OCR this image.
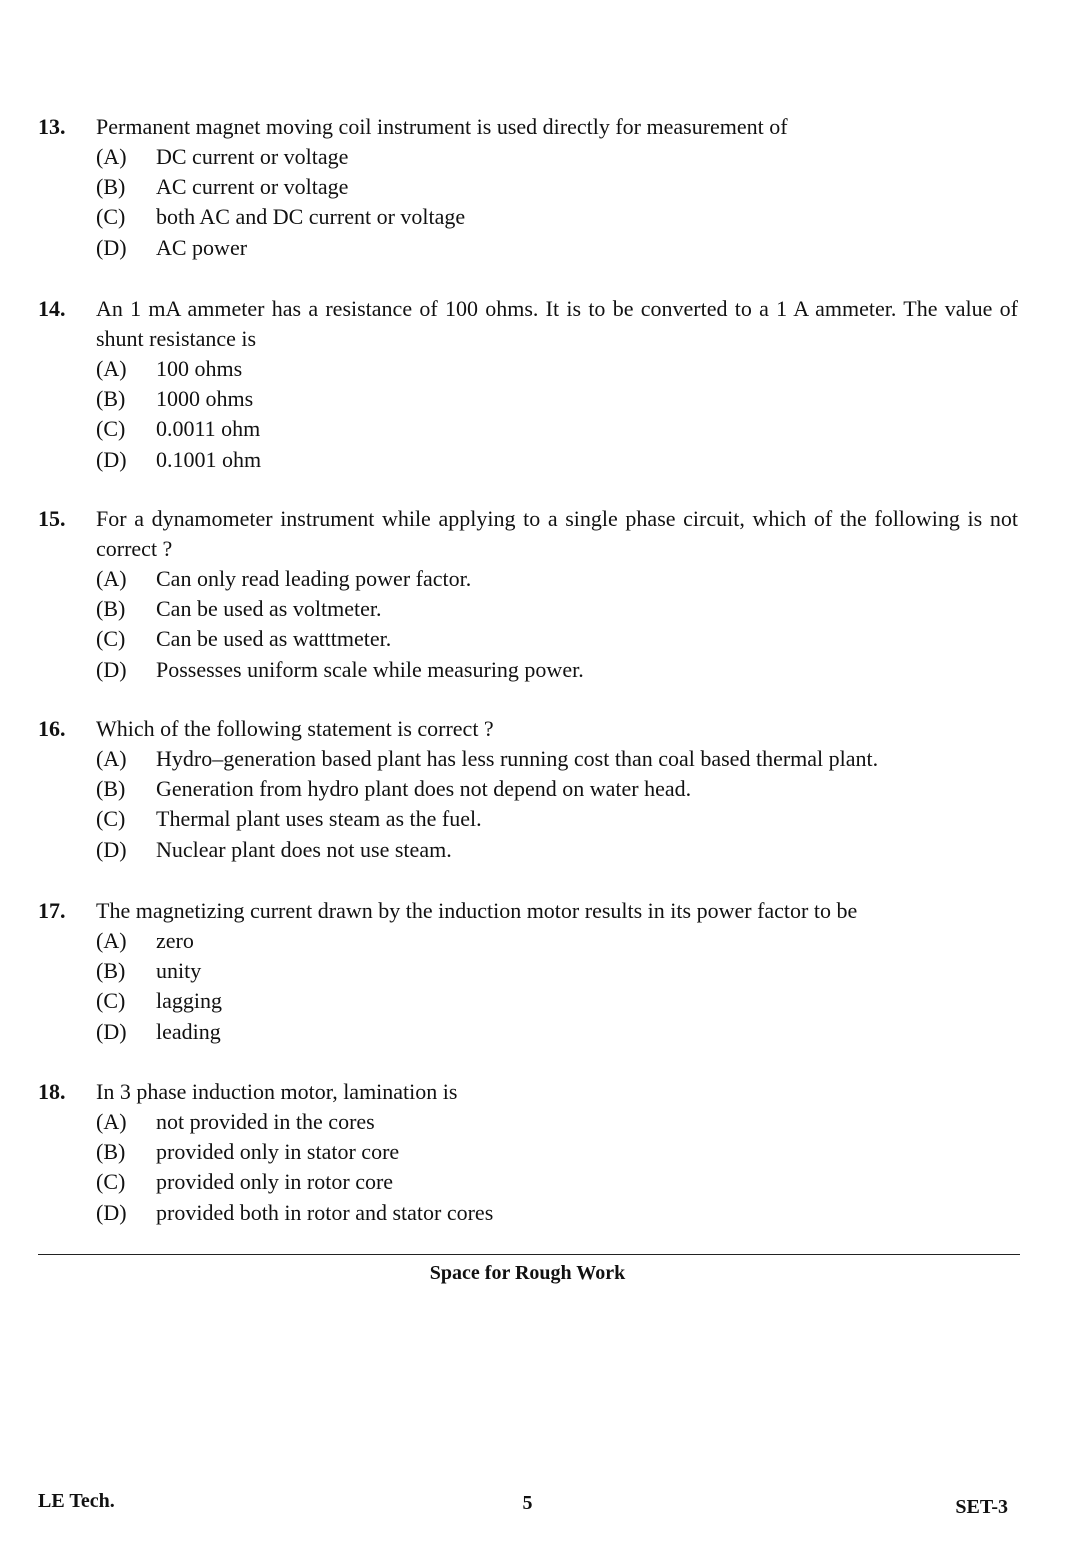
13.	Permanent magnet moving coil instrument is used directly for measurement of
(A)	DC current or voltage
(B)	AC current or voltage
(C)	both AC and DC current or voltage
(D)	AC power
14.	An 1 mA ammeter has a resistance of 100 ohms. It is to be converted to a 1 A ammeter. The value of shunt resistance is
(A)	100 ohms
(B)	1000 ohms
(C)	0.0011 ohm
(D)	0.1001 ohm
15.	For a dynamometer instrument while applying to a single phase circuit, which of the following is not correct ?
(A)	Can only read leading power factor.
(B)	Can be used as voltmeter.
(C)	Can be used as watttmeter.
(D)	Possesses uniform scale while measuring power.
16.	Which of the following statement is correct ?
(A)	Hydro–generation based plant has less running cost than coal based thermal plant.
(B)	Generation from hydro plant does not depend on water head.
(C)	Thermal plant uses steam as the fuel.
(D)	Nuclear plant does not use steam.
17.	The magnetizing current drawn by the induction motor results in its power factor to be
(A)	zero
(B)	unity
(C)	lagging
(D)	leading
18.	In 3 phase induction motor, lamination is
(A)	not provided in the cores
(B)	provided only in stator core
(C)	provided only in rotor core
(D)	provided both in rotor and stator cores
Space for Rough Work
LE Tech.	5	SET-3
